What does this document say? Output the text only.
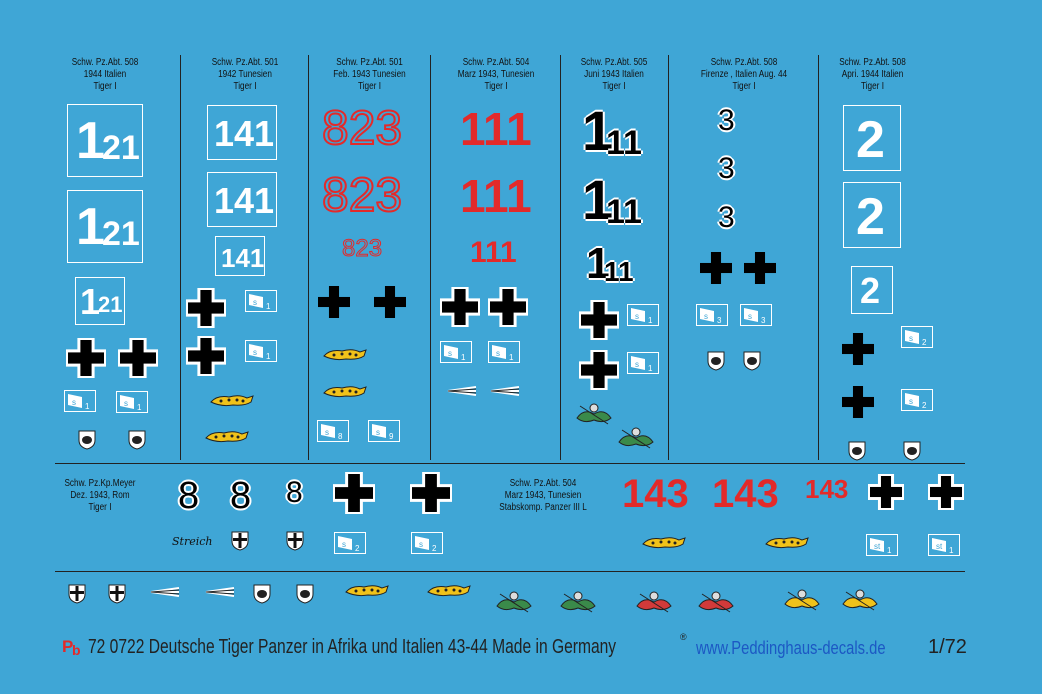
Schw. Pz.Abt. 508
1944 Italien
Tiger I
Schw. Pz.Abt. 501
1942 Tunesien
Tiger I
Schw. Pz.Abt. 501
Feb. 1943 Tunesien
Tiger I
Schw. Pz.Abt. 504
Marz 1943, Tunesien
Tiger I
Schw. Pz.Abt. 505
Juni 1943 Italien
Tiger I
Schw. Pz.Abt. 508
Firenze , Italien Aug. 44
Tiger I
Schw. Pz.Abt. 508
Apri. 1944 Italien
Tiger I
Schw. Pz.Kp.Meyer
Dez. 1943, Rom
Tiger I
Schw. Pz.Abt. 504
Marz 1943, Tunesien
Stabskomp. Panzer III L
1
21
1
21
1
21
141
141
141
823
823
823
111
111
111
1
11
1
11
1
11
3
3
3
2
2
2
8 8 8	143 143 143
Streich
s 1	s 1
s 1
s 1
s 8	s 9
s 1	s 1
s 1
s 1
s 3	s 3
s 2
s 2
s 2	s 2	st 1	st 1
P
b 72 0722 Deutsche Tiger Panzer in Afrika und Italien 43-44 Made in Germany	®
www.Peddinghaus-decals.de 1/72
